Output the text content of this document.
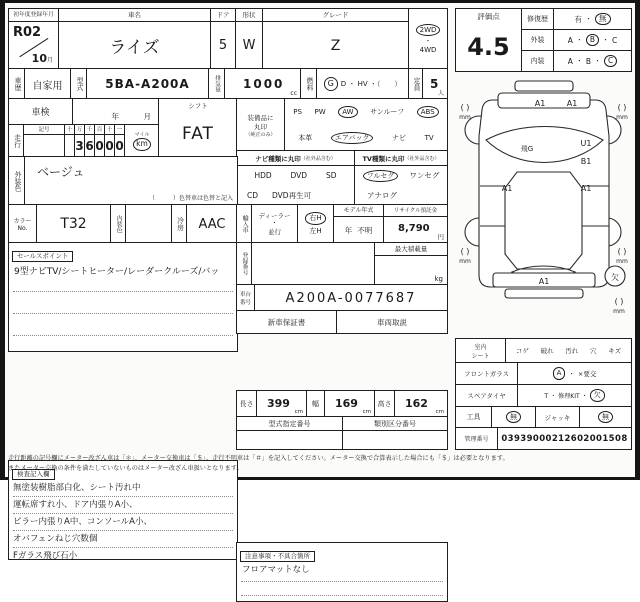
初年度登録年月
R02
10月
車名
ライズ
ドア
5
形状
W
グレード
Z
2WD
・
4WD
車歴	自家用	型式	5BA-A200A	排気量	1000
cc
燃料	G	D ・ HV ・（　　）	定員 5
人
車検	年	月
走行
記号	十 万
3
千
6
百
0
十
0
一
0
マイル
km
シフト
FAT
装備品に
丸印
（純正のみ）
PS PW	AW	サンルーフ	ABS
本革	エアバック	ナビ	TV
ナビ種類に丸印 （社外品含む）	TV種類に丸印 （社外品含む）
HDD	DVD	SD
CD DVD再生可
フルセグ	ワンセグ
アナログ
外装色	ベージュ
（　　　）色替車は色替と記入
カラー
No.	T32	内装色	冷房	AAC
セールスポイント
9型ナビTV/シートヒーター/レーダークルーズ/バッ
検査記入欄
無塗装樹脂部白化、シート汚れ中
運転席すれ小、ドア内張りA小、
ピラー内張りA中、コンソールA小、
オバフェンねじ穴数個
Fガラス飛び石小
輸入車	ディーラー
・
並行
右H
左H
モデル年式
年 不明
リサイクル預託金
8,790
円
登録番号
最大積載量
kg
車台
番号	A200A-0077687
新車保証書	車両取説
注意事項・不具合箇所
フロアマットなし
長さ	399
cm
幅	169
cm
高さ	162
cm
型式指定番号	類別区分番号
評価点
4.5
修復歴	有 ・ 無
外装	A ・ B	・ C
内装	A ・ B ・ C
A1	A1
飛G
U1
B1
A1	A1
A1	欠
( )
mm
( )
mm
( )
mm
( )
mm
( )
mm
室内
シート
コゲ 破れ 汚れ 穴 キズ
フロントガラス	A	・ ×要交
スペアタイヤ	T ・ 修理KIT ・ 欠
工具	無	ジャッキ	無
管理番号	03939000212602001508
走行距離の記号欄にメーター改ざん車は「＊」、メーター交換車は「＄」、走行不明車は「＃」を記入してください。メーター交換で合算表示した場合にも「＄」は必要となります。
またメーター交換の条件を満たしていないものはメーター改ざん車扱いとなります。
